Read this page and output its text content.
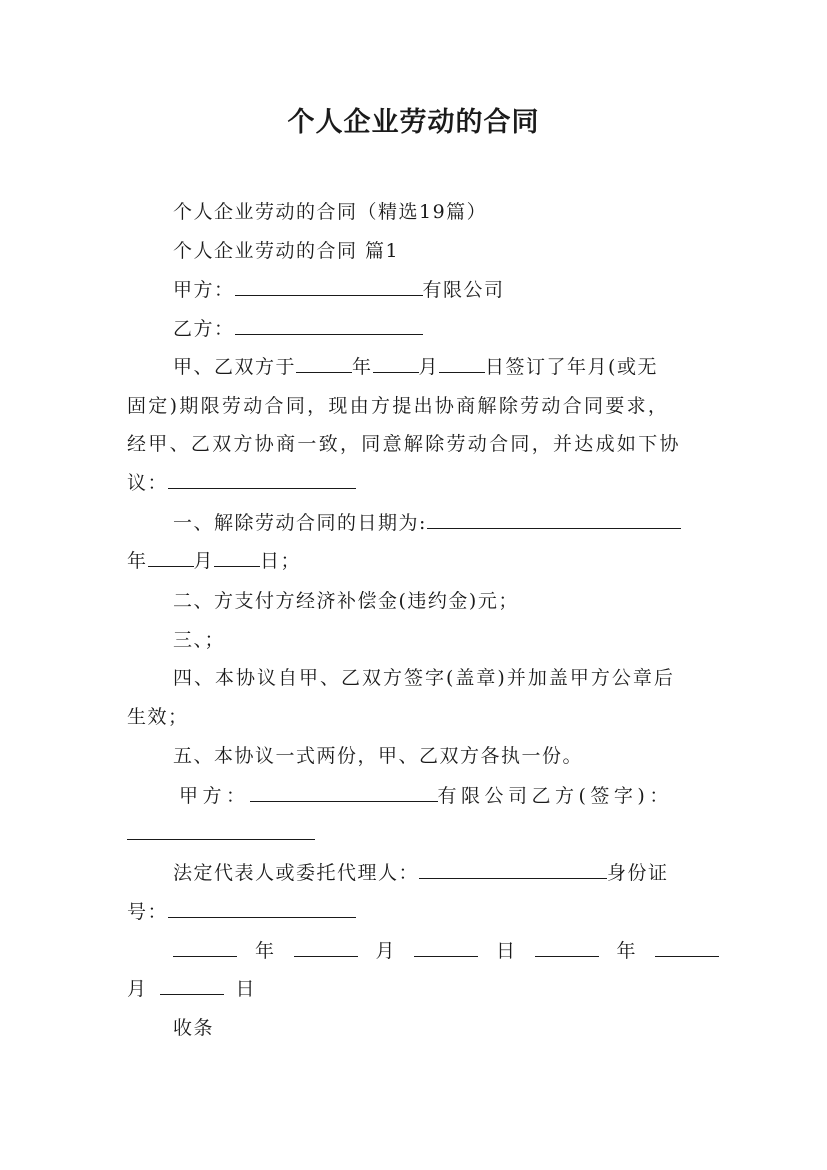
个人企业劳动的合同
个人企业劳动的合同（精选19篇）
个人企业劳动的合同 篇1
甲方：	有限公司
乙方：
甲、乙双方于	年 月 日签订了年月(或无
固定)期限劳动合同，现由方提出协商解除劳动合同要求，
经甲、乙双方协商一致，同意解除劳动合同，并达成如下协
议：
一、解除劳动合同的日期为:
年 月 日；
二、方支付方经济补偿金(违约金)元；
三、；
四、本协议自甲、乙双方签字(盖章)并加盖甲方公章后
生效；
五、本协议一式两份，甲、乙双方各执一份。
甲方：	有限公司乙方(签字)：
法定代表人或委托代理人：	身份证
号：
年	月	日	年
月	日
收条
